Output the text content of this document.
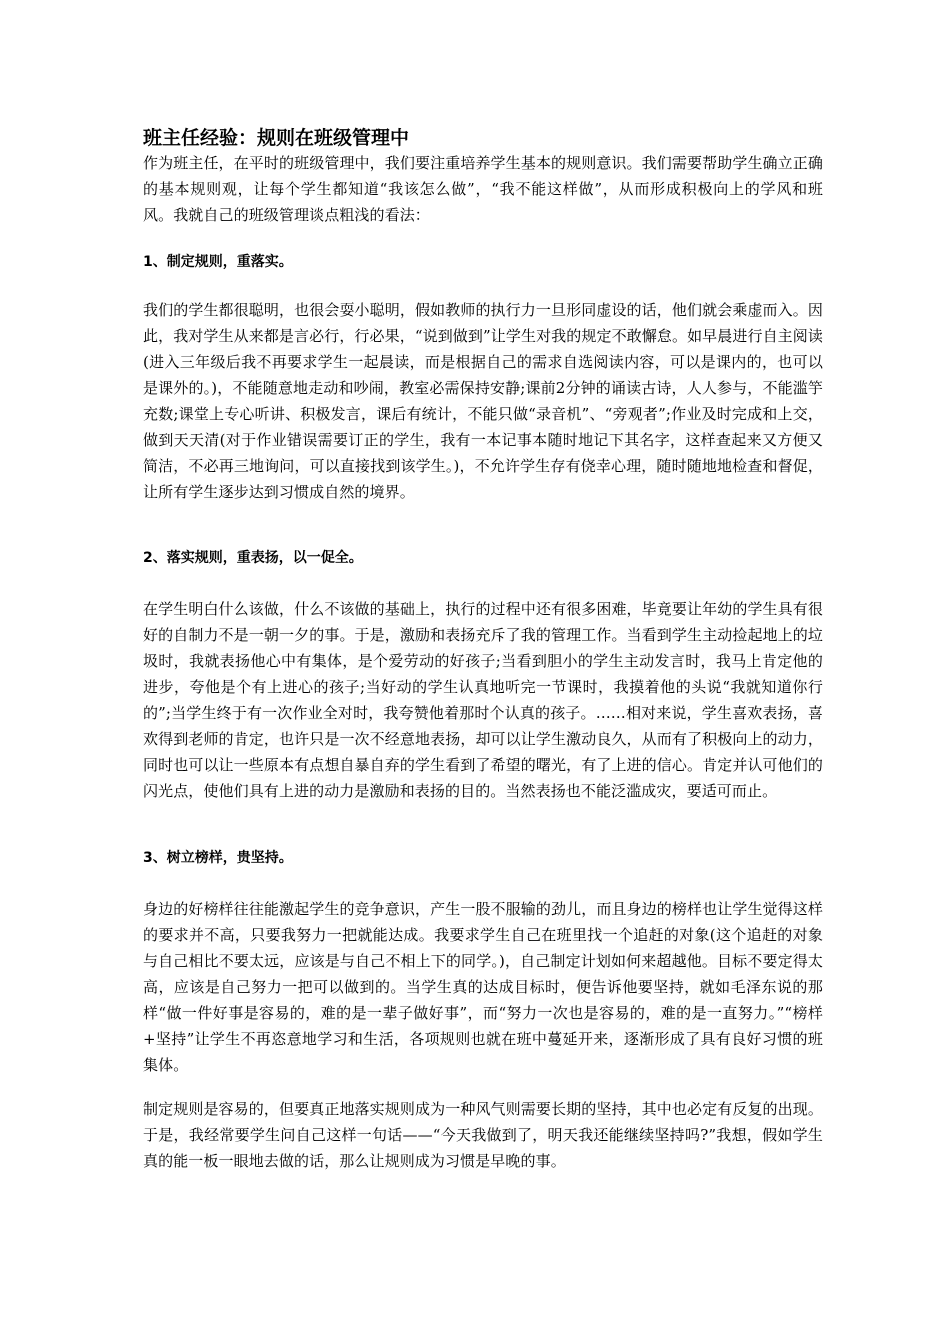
班主任经验：规则在班级管理中

作为班主任，在平时的班级管理中，我们要注重培养学生基本的规则意识。我们需要帮助学生确立正确的基本规则观，让每个学生都知道“我该怎么做”，“我不能这样做”，从而形成积极向上的学风和班风。我就自己的班级管理谈点粗浅的看法：

1、制定规则，重落实。

我们的学生都很聪明，也很会耍小聪明，假如教师的执行力一旦形同虚设的话，他们就会乘虚而入。因此，我对学生从来都是言必行，行必果，“说到做到”让学生对我的规定不敢懈怠。如早晨进行自主阅读(进入三年级后我不再要求学生一起晨读，而是根据自己的需求自选阅读内容，可以是课内的，也可以是课外的。)，不能随意地走动和吵闹，教室必需保持安静;课前2分钟的诵读古诗，人人参与，不能滥竽充数;课堂上专心听讲、积极发言，课后有统计，不能只做“录音机”、“旁观者”;作业及时完成和上交，做到天天清(对于作业错误需要订正的学生，我有一本记事本随时地记下其名字，这样查起来又方便又简洁，不必再三地询问，可以直接找到该学生。)，不允许学生存有侥幸心理，随时随地地检查和督促，让所有学生逐步达到习惯成自然的境界。

2、落实规则，重表扬，以一促全。

在学生明白什么该做，什么不该做的基础上，执行的过程中还有很多困难，毕竟要让年幼的学生具有很好的自制力不是一朝一夕的事。于是，激励和表扬充斥了我的管理工作。当看到学生主动捡起地上的垃圾时，我就表扬他心中有集体，是个爱劳动的好孩子;当看到胆小的学生主动发言时，我马上肯定他的进步，夸他是个有上进心的孩子;当好动的学生认真地听完一节课时，我摸着他的头说“我就知道你行的”;当学生终于有一次作业全对时，我夸赞他着那时个认真的孩子。……相对来说，学生喜欢表扬，喜欢得到老师的肯定，也许只是一次不经意地表扬，却可以让学生激动良久，从而有了积极向上的动力，同时也可以让一些原本有点想自暴自弃的学生看到了希望的曙光，有了上进的信心。肯定并认可他们的闪光点，使他们具有上进的动力是激励和表扬的目的。当然表扬也不能泛滥成灾，要适可而止。

3、树立榜样，贵坚持。

身边的好榜样往往能激起学生的竞争意识，产生一股不服输的劲儿，而且身边的榜样也让学生觉得这样的要求并不高，只要我努力一把就能达成。我要求学生自己在班里找一个追赶的对象(这个追赶的对象与自己相比不要太远，应该是与自己不相上下的同学。)，自己制定计划如何来超越他。目标不要定得太高，应该是自己努力一把可以做到的。当学生真的达成目标时，便告诉他要坚持，就如毛泽东说的那样“做一件好事是容易的，难的是一辈子做好事”，而“努力一次也是容易的，难的是一直努力。”“榜样+坚持”让学生不再恣意地学习和生活，各项规则也就在班中蔓延开来，逐渐形成了具有良好习惯的班集体。

制定规则是容易的，但要真正地落实规则成为一种风气则需要长期的坚持，其中也必定有反复的出现。于是，我经常要学生问自己这样一句话——“今天我做到了，明天我还能继续坚持吗?”我想，假如学生真的能一板一眼地去做的话，那么让规则成为习惯是早晚的事。
